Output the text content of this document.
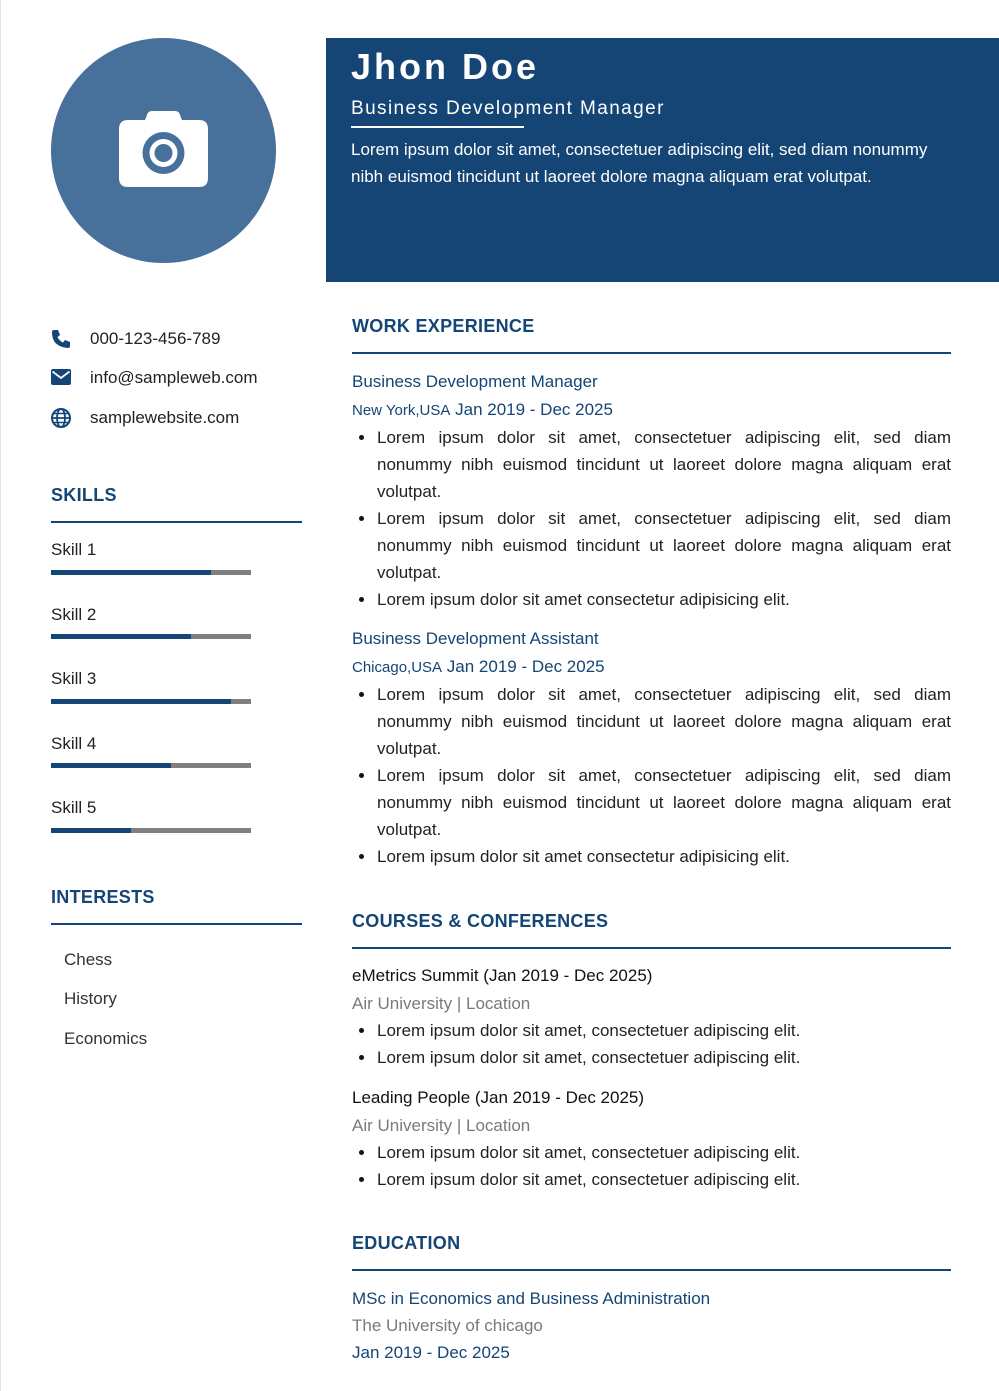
Jhon Doe
Business Development Manager
Lorem ipsum dolor sit amet, consectetuer adipiscing elit, sed diam nonummy nibh euismod tincidunt ut laoreet dolore magna aliquam erat volutpat.
000-123-456-789
info@sampleweb.com
samplewebsite.com
SKILLS
Skill 1
Skill 2
Skill 3
Skill 4
Skill 5
INTERESTS
Chess
History
Economics
WORK EXPERIENCE
Business Development Manager
New York,USA Jan 2019 - Dec 2025
Lorem ipsum dolor sit amet, consectetuer adipiscing elit, sed diam nonummy nibh euismod tincidunt ut laoreet dolore magna aliquam erat volutpat.
Lorem ipsum dolor sit amet, consectetuer adipiscing elit, sed diam nonummy nibh euismod tincidunt ut laoreet dolore magna aliquam erat volutpat.
Lorem ipsum dolor sit amet consectetur adipisicing elit.
Business Development Assistant
Chicago,USA Jan 2019 - Dec 2025
Lorem ipsum dolor sit amet, consectetuer adipiscing elit, sed diam nonummy nibh euismod tincidunt ut laoreet dolore magna aliquam erat volutpat.
Lorem ipsum dolor sit amet, consectetuer adipiscing elit, sed diam nonummy nibh euismod tincidunt ut laoreet dolore magna aliquam erat volutpat.
Lorem ipsum dolor sit amet consectetur adipisicing elit.
COURSES & CONFERENCES
eMetrics Summit (Jan 2019 - Dec 2025)
Air University | Location
Lorem ipsum dolor sit amet, consectetuer adipiscing elit.
Lorem ipsum dolor sit amet, consectetuer adipiscing elit.
Leading People (Jan 2019 - Dec 2025)
Air University | Location
Lorem ipsum dolor sit amet, consectetuer adipiscing elit.
Lorem ipsum dolor sit amet, consectetuer adipiscing elit.
EDUCATION
MSc in Economics and Business Administration
The University of chicago
Jan 2019 - Dec 2025
